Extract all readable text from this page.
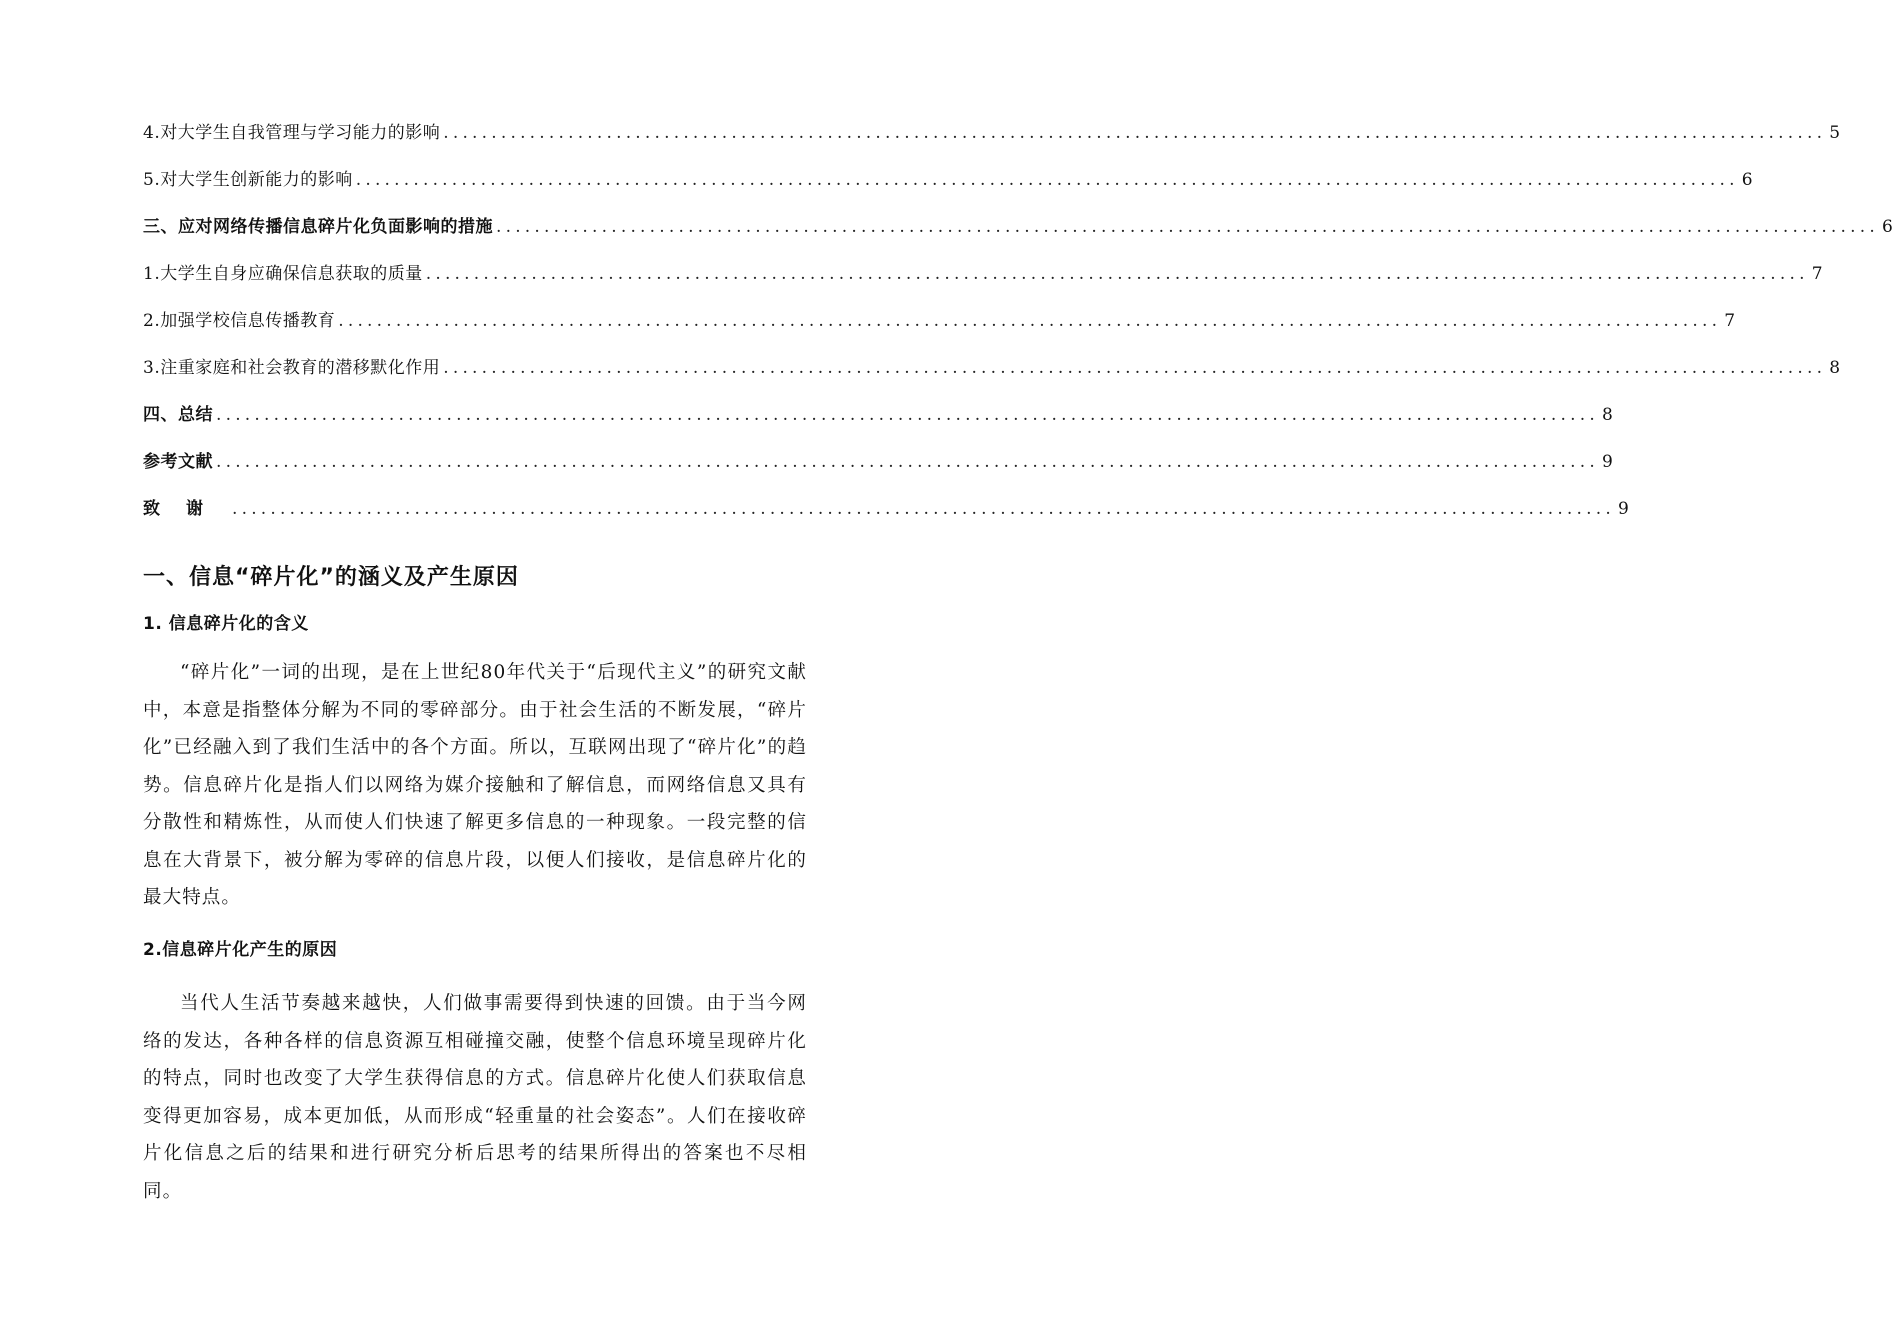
4.对大学生自我管理与学习能力的影响 ................................................................................................................................................ 5
5.对大学生创新能力的影响 ................................................................................................................................................ 6
三、应对网络传播信息碎片化负面影响的措施 ................................................................................................................................................ 6
1.大学生自身应确保信息获取的质量 ................................................................................................................................................ 7
2.加强学校信息传播教育 ................................................................................................................................................ 7
3.注重家庭和社会教育的潜移默化作用 ................................................................................................................................................ 8
四、总结 ................................................................................................................................................ 8
参考文献 ................................................................................................................................................ 9
致谢 ................................................................................................................................................ 9
一、信息“碎片化”的涵义及产生原因
1. 信息碎片化的含义

“碎片化”一词的出现，是在上世纪80年代关于“后现代主义”的研究文献中，本意是指整体分解为不同的零碎部分。由于社会生活的不断发展，“碎片化”已经融入到了我们生活中的各个方面。所以，互联网出现了“碎片化”的趋势。信息碎片化是指人们以网络为媒介接触和了解信息，而网络信息又具有分散性和精炼性，从而使人们快速了解更多信息的一种现象。一段完整的信息在大背景下，被分解为零碎的信息片段，以便人们接收，是信息碎片化的最大特点。

2.信息碎片化产生的原因

当代人生活节奏越来越快，人们做事需要得到快速的回馈。由于当今网络的发达，各种各样的信息资源互相碰撞交融，使整个信息环境呈现碎片化的特点，同时也改变了大学生获得信息的方式。信息碎片化使人们获取信息变得更加容易，成本更加低，从而形成“轻重量的社会姿态”。人们在接收碎片化信息之后的结果和进行研究分析后思考的结果所得出的答案也不尽相同。
